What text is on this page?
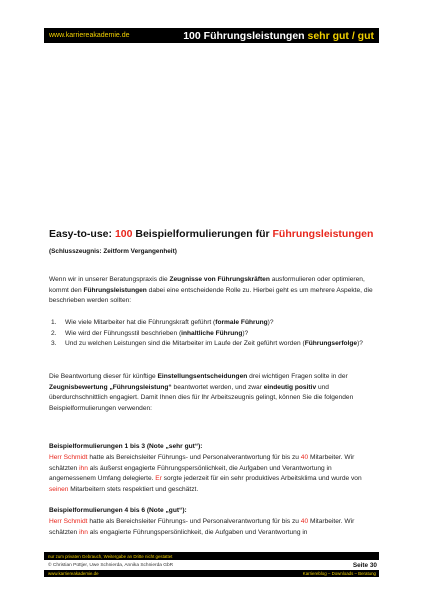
www.karriereakademie.de	100 Führungsleistungen sehr gut / gut
Easy-to-use: 100 Beispielformulierungen für Führungsleistungen
(Schlusszeugnis: Zeitform Vergangenheit)
Wenn wir in unserer Beratungspraxis die Zeugnisse von Führungskräften ausformulieren oder optimieren, kommt den Führungsleistungen dabei eine entscheidende Rolle zu. Hierbei geht es um mehrere Aspekte, die beschrieben werden sollten:
1.	Wie viele Mitarbeiter hat die Führungskraft geführt (formale Führung)?
2.	Wie wird der Führungsstil beschrieben (inhaltliche Führung)?
3.	Und zu welchen Leistungen sind die Mitarbeiter im Laufe der Zeit geführt worden (Führungserfolge)?
Die Beantwortung dieser für künftige Einstellungsentscheidungen drei wichtigen Fragen sollte in der Zeugnisbewertung „Führungsleistung“ beantwortet werden, und zwar eindeutig positiv und überdurchschnittlich engagiert. Damit Ihnen dies für Ihr Arbeitszeugnis gelingt, können Sie die folgenden Beispielformulierungen verwenden:
Beispielformulierungen 1 bis 3 (Note „sehr gut“):
Herr Schmidt hatte als Bereichsleiter Führungs- und Personalverantwortung für bis zu 40 Mitarbeiter. Wir schätzten ihn als äußerst engagierte Führungspersönlichkeit, die Aufgaben und Verantwortung in angemessenem Umfang delegierte. Er sorgte jederzeit für ein sehr produktives Arbeitsklima und wurde von seinen Mitarbeitern stets respektiert und geschätzt.
Beispielformulierungen 4 bis 6 (Note „gut“):
Herr Schmidt hatte als Bereichsleiter Führungs- und Personalverantwortung für bis zu 40 Mitarbeiter. Wir schätzten ihn als engagierte Führungspersönlichkeit, die Aufgaben und Verantwortung in
nur zum privaten Gebrauch, Weitergabe an Dritte nicht gestattet
© Christian Püttjer, Uwe Schnierda, Annika Schnierda GbR	Seite 30
www.karriereakademie.de	Karriereblog – Downloads – Beratung
